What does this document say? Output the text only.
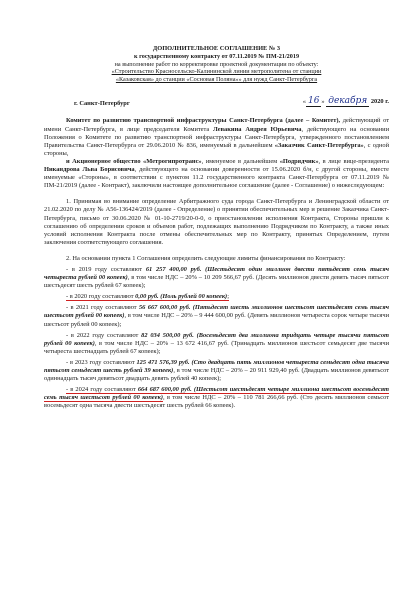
ДОПОЛНИТЕЛЬНОЕ СОГЛАШЕНИЕ № 3
к государственному контракту от 07.11.2019 № ПМ-21/2019
на выполнение работ по корректировке проектной документации по объекту:
«Строительство Красносельско-Калининской линии метрополитена от станции
«Казаковская» до станции «Сосновая Поляна»» для нужд Санкт-Петербурга
г. Санкт-Петербург	« 16 » декабря 2020 г.

Комитет по развитию транспортной инфраструктуры Санкт-Петербурга (далее – Комитет), действующий от имени Санкт-Петербурга, в лице председателя Комитета Левакина Андрея Юрьевича, действующего на основании Положения о Комитете по развитию транспортной инфраструктуры Санкт-Петербурга, утвержденного постановлением Правительства Санкт-Петербурга от 29.06.2010 № 836, именуемый в дальнейшем «Заказчик Санкт-Петербурга», с одной стороны,

и Акционерное общество «Метрогипротранс», именуемое в дальнейшем «Подрядчик», в лице вице-президента Никандрова Льва Борисовича, действующего на основании доверенности от 15.06.2020 б/н, с другой стороны, вместе именуемые «Стороны», в соответствии с пунктом 11.2 государственного контракта Санкт-Петербурга от 07.11.2019 № ПМ-21/2019 (далее - Контракт), заключили настоящее дополнительное соглашение (далее - Соглашение) о нижеследующем:

1. Принимая во внимание определение Арбитражного суда города Санкт-Петербурга и Ленинградской области от 21.02.2020 по делу № А56-136424/2019 (далее - Определение) о принятии обеспечительных мер и решение Заказчика Санкт-Петербурга, письмо от 30.06.2020 № 01-10-2719/20-0-0, о приостановлении исполнения Контракта, Стороны пришли к соглашению об определении сроков и объемов работ, подлежащих выполнению Подрядчиком по Контракту, а также иных условий исполнения Контракта после отмены обеспечительных мер по Контракту, принятых Определением, путем заключения соответствующего соглашения.

2. На основании пункта 1 Соглашения определить следующие лимиты финансирования по Контракту:

- в 2019 году составляют 61 257 400,00 руб. (Шестьдесят один миллион двести пятьдесят семь тысяч четыреста рублей 00 копеек), в том числе НДС – 20% – 10 209 566,67 руб. (Десять миллионов двести девять тысяч пятьсот шестьдесят шесть рублей 67 копеек);

- в 2020 году составляют 0,00 руб. (Ноль рублей 00 копеек);

- в 2021 году составляют 56 667 600,00 руб. (Пятьдесят шесть миллионов шестьсот шестьдесят семь тысяч шестьсот рублей 00 копеек), в том числе НДС – 20% – 9 444 600,00 руб. (Девять миллионов четыреста сорок четыре тысячи шестьсот рублей 00 копеек);

- в 2022 году составляют 82 034 500,00 руб. (Восемьдесят два миллиона тридцать четыре тысячи пятьсот рублей 00 копеек), в том числе НДС – 20% – 13 672 416,67 руб. (Тринадцать миллионов шестьсот семьдесят две тысячи четыреста шестнадцать рублей 67 копеек);

- в 2023 году составляют 125 471 576,39 руб. (Сто двадцать пять миллионов четыреста семьдесят одна тысяча пятьсот семьдесят шесть рублей 39 копеек), в том числе НДС – 20% – 20 911 929,40 руб. (Двадцать миллионов девятьсот одиннадцать тысяч девятьсот двадцать девять рублей 40 копеек);

- в 2024 году составляют 664 687 600,00 руб. (Шестьсот шестьдесят четыре миллиона шестьсот восемьдесят семь тысяч шестьсот рублей 00 копеек), в том числе НДС – 20% – 110 781 266,66 руб. (Сто десять миллионов семьсот восемьдесят одна тысяча двести шестьдесят шесть рублей 66 копеек).
